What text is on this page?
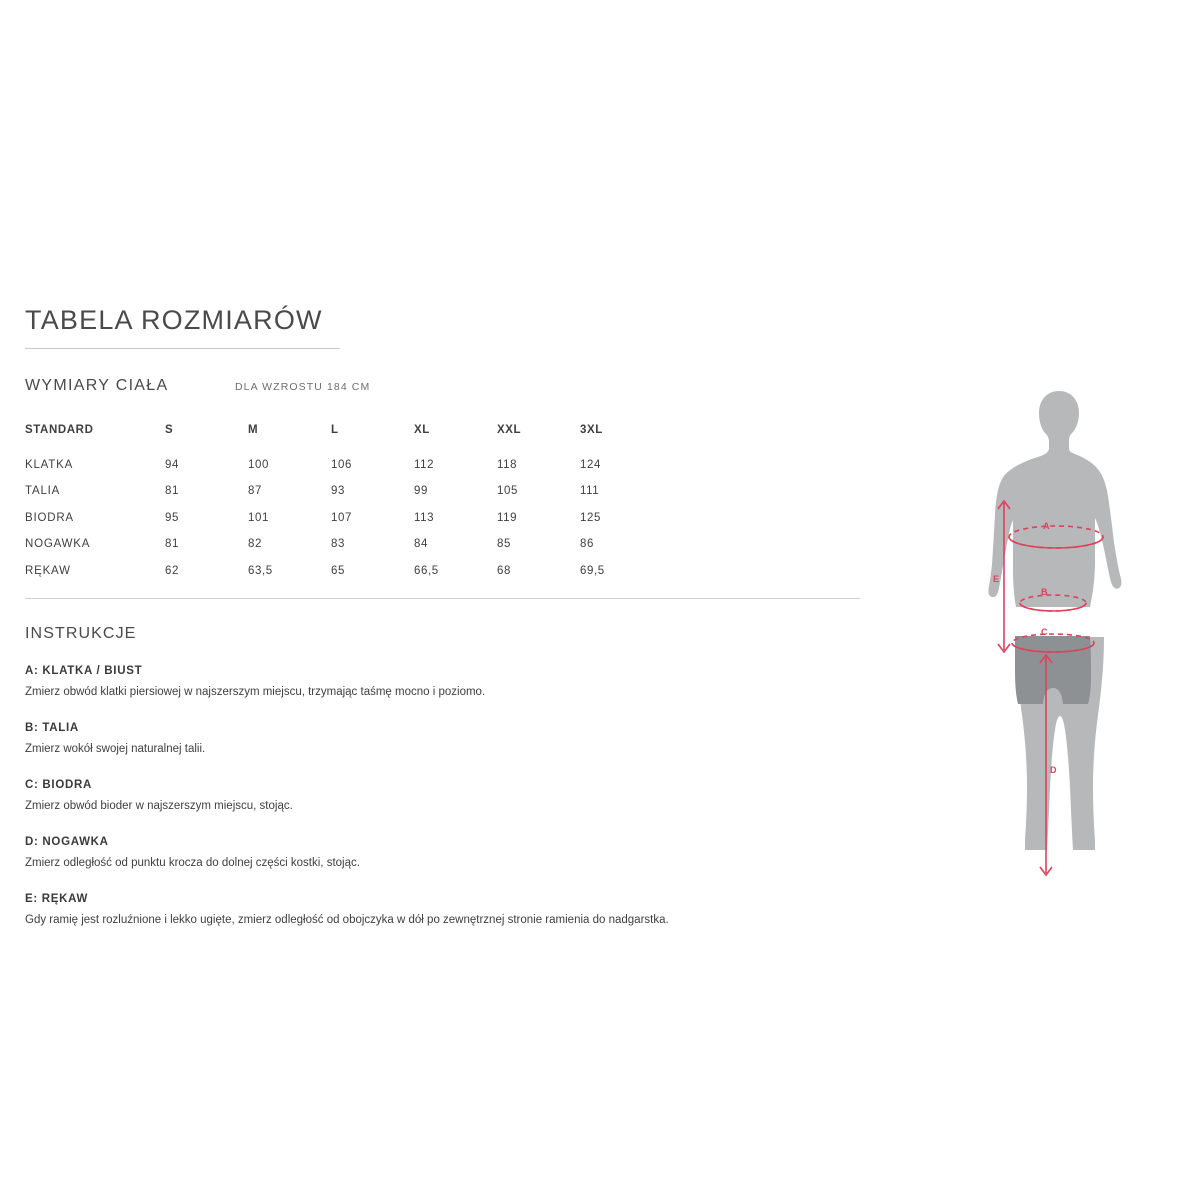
TABELA ROZMIARÓW
WYMIARY CIAŁA	DLA WZROSTU 184 CM
STANDARD	S	M	L	XL	XXL	3XL
KLATKA	94	100	106	112	118	124
TALIA	81	87	93	99	105	111
BIODRA	95	101	107	113	119	125
NOGAWKA	81	82	83	84	85	86
RĘKAW	62	63,5	65	66,5	68	69,5
INSTRUKCJE
A: KLATKA / BIUST
Zmierz obwód klatki piersiowej w najszerszym miejscu, trzymając taśmę mocno i poziomo.
B: TALIA
Zmierz wokół swojej naturalnej talii.
C: BIODRA
Zmierz obwód bioder w najszerszym miejscu, stojąc.
D: NOGAWKA
Zmierz odległość od punktu krocza do dolnej części kostki, stojąc.
E: RĘKAW
Gdy ramię jest rozluźnione i lekko ugięte, zmierz odległość od obojczyka w dół po zewnętrznej stronie ramienia do nadgarstka.
A
B
C
D
E
